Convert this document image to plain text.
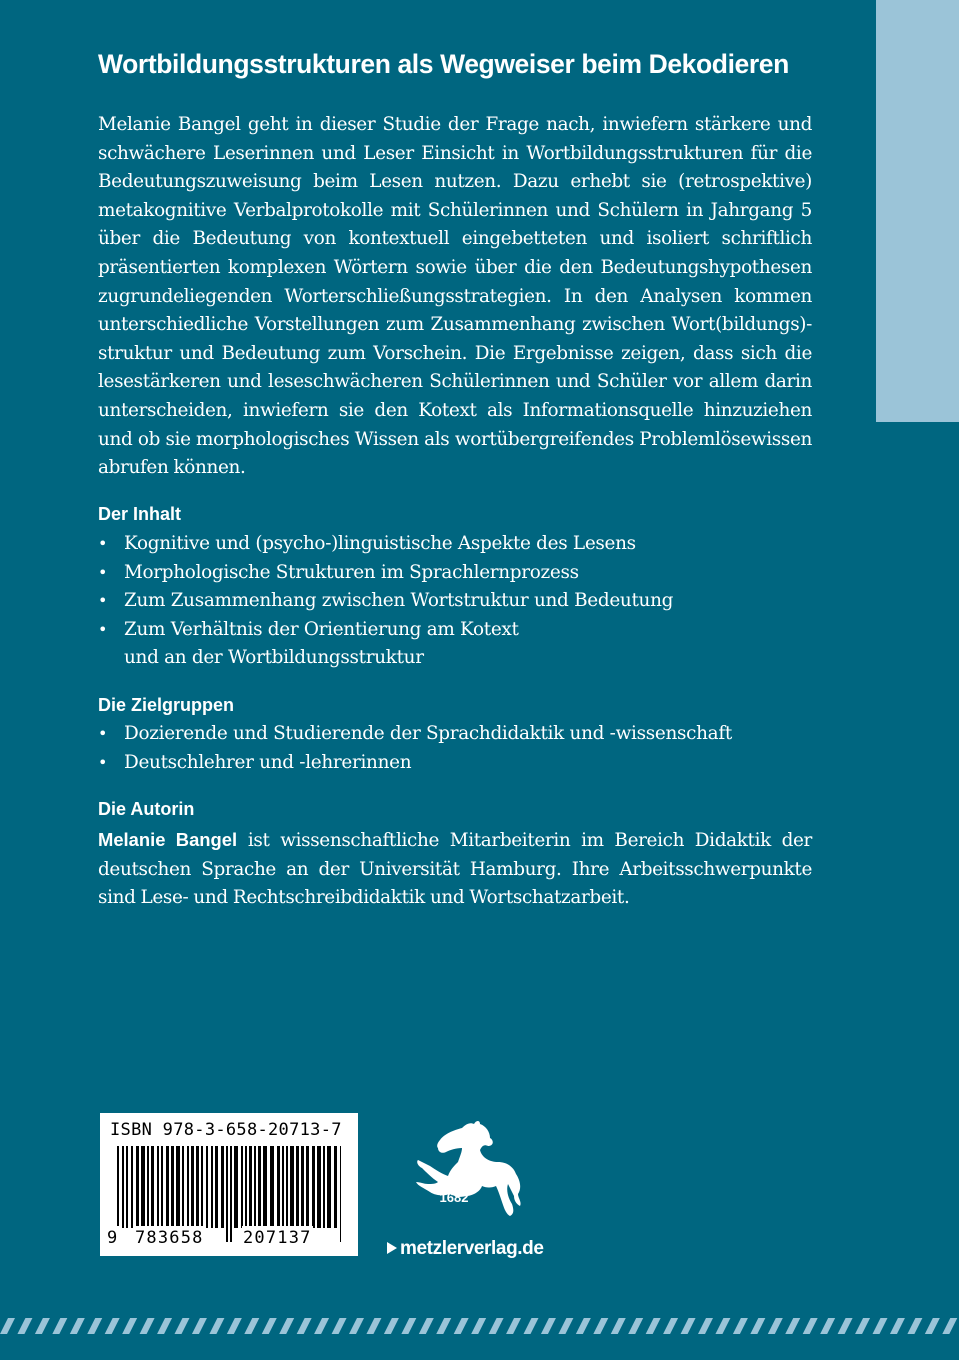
Wortbildungsstrukturen als Wegweiser beim Dekodieren

Melanie Bangel geht in dieser Studie der Frage nach, inwiefern stärkere und schwächere Leserinnen und Leser Einsicht in Wortbildungsstrukturen für die Bedeutungszuweisung beim Lesen nutzen. Dazu erhebt sie (retrospektive) metakognitive Verbalprotokolle mit Schülerinnen und Schülern in Jahrgang 5 über die Bedeutung von kontextuell eingebetteten und isoliert schriftlich präsentierten komplexen Wörtern sowie über die den Bedeutungshypothesen zugrundeliegenden Worterschließungsstrategien. In den Analysen kommen unterschiedliche Vorstellungen zum Zusammenhang zwischen Wort(bildungs)-struktur und Bedeutung zum Vorschein. Die Ergebnisse zeigen, dass sich die lesestärkeren und leseschwächeren Schülerinnen und Schüler vor allem darin unterscheiden, inwiefern sie den Kotext als Informationsquelle hinzuziehen und ob sie morphologisches Wissen als wortübergreifendes Problemlösewissen abrufen können.

Der Inhalt
• Kognitive und (psycho-)linguistische Aspekte des Lesens
• Morphologische Strukturen im Sprachlernprozess
• Zum Zusammenhang zwischen Wortstruktur und Bedeutung
• Zum Verhältnis der Orientierung am Kotext
und an der Wortbildungsstruktur
Die Zielgruppen
• Dozierende und Studierende der Sprachdidaktik und -wissenschaft
• Deutschlehrer und -lehrerinnen
Die Autorin

Melanie Bangel ist wissenschaftliche Mitarbeiterin im Bereich Didaktik der deutschen Sprache an der Universität Hamburg. Ihre Arbeitsschwerpunkte sind Lese- und Rechtschreibdidaktik und Wortschatzarbeit.

ISBN 978-3-658-20713-7
9 783658 207137
1682
metzlerverlag.de
